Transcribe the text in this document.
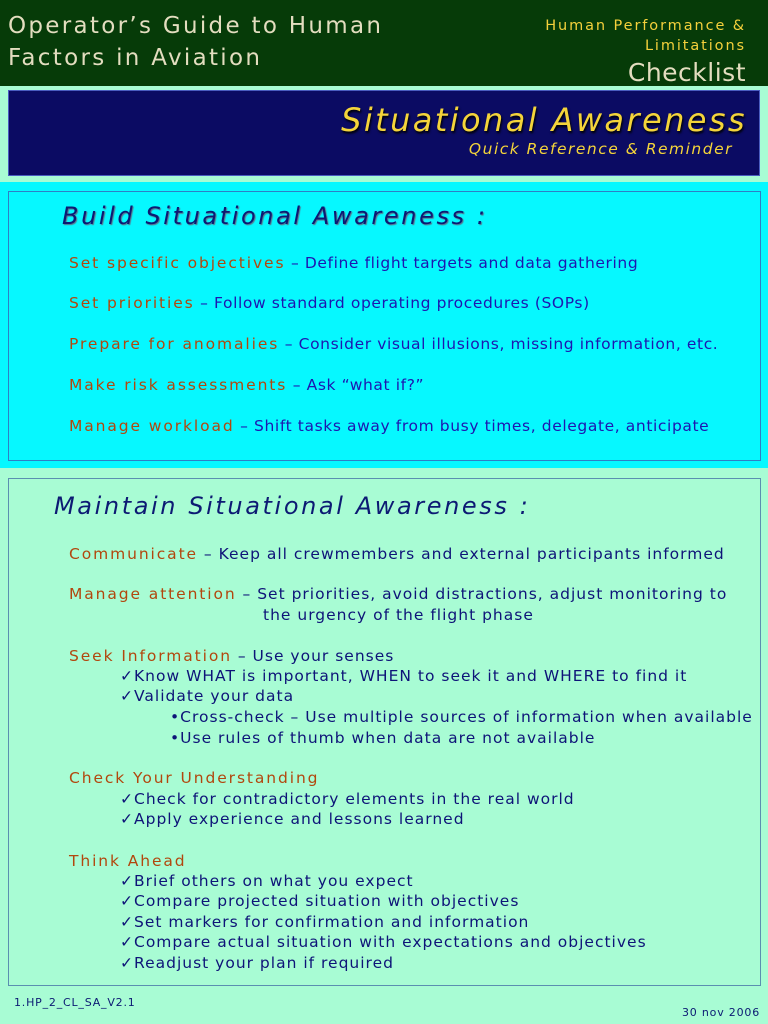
Operator’s Guide to Human
Factors in Aviation
Human Performance &
Limitations
Checklist
Situational Awareness
Quick Reference & Reminder
Build Situational Awareness :
Set specific objectives – Define flight targets and data gathering
Set priorities – Follow standard operating procedures (SOPs)
Prepare for anomalies – Consider visual illusions, missing information, etc.
Make risk assessments – Ask “what if?”
Manage workload – Shift tasks away from busy times, delegate, anticipate
Maintain Situational Awareness :
Communicate – Keep all crewmembers and external participants informed
Manage attention – Set priorities, avoid distractions, adjust monitoring to
the urgency of the flight phase
Seek Information – Use your senses
✓Know WHAT is important, WHEN to seek it and WHERE to find it
✓Validate your data
•Cross-check – Use multiple sources of information when available
•Use rules of thumb when data are not available
Check Your Understanding
✓Check for contradictory elements in the real world
✓Apply experience and lessons learned
Think Ahead
✓Brief others on what you expect
✓Compare projected situation with objectives
✓Set markers for confirmation and information
✓Compare actual situation with expectations and objectives
✓Readjust your plan if required
1.HP_2_CL_SA_V2.1
30 nov 2006
